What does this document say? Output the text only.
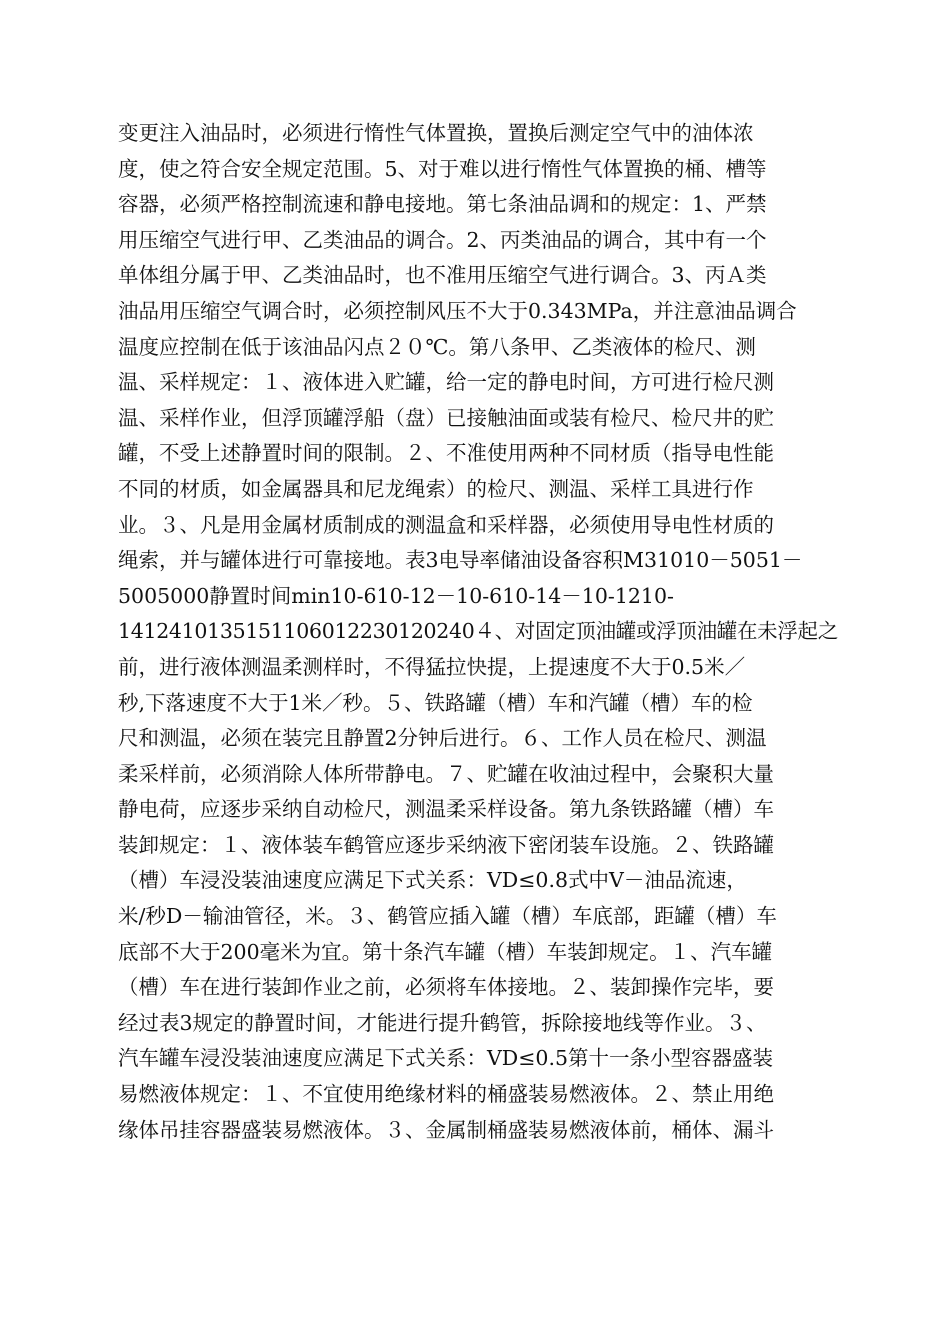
变更注入油品时，必须进行惰性气体置换，置换后测定空气中的油体浓
度，使之符合安全规定范围。5、对于难以进行惰性气体置换的桶、槽等
容器，必须严格控制流速和静电接地。第七条油品调和的规定：1、严禁
用压缩空气进行甲、乙类油品的调合。2、丙类油品的调合，其中有一个
单体组分属于甲、乙类油品时，也不准用压缩空气进行调合。3、丙Ａ类
油品用压缩空气调合时，必须控制风压不大于0.343MPa，并注意油品调合
温度应控制在低于该油品闪点２０℃。第八条甲、乙类液体的检尺、测
温、采样规定：１、液体进入贮罐，给一定的静电时间，方可进行检尺测
温、采样作业，但浮顶罐浮船（盘）已接触油面或装有检尺、检尺井的贮
罐，不受上述静置时间的限制。２、不准使用两种不同材质（指导电性能
不同的材质，如金属器具和尼龙绳索）的检尺、测温、采样工具进行作
业。３、凡是用金属材质制成的测温盒和采样器，必须使用导电性材质的
绳索，并与罐体进行可靠接地。表3电导率储油设备容积M31010－5051－
5005000静置时间min10-610-12－10-610-14－10-1210-
1412410135151106012230120240４、对固定顶油罐或浮顶油罐在未浮起之
前，进行液体测温柔测样时，不得猛拉快提，上提速度不大于0.5米／
秒,下落速度不大于1米／秒。５、铁路罐（槽）车和汽罐（槽）车的检
尺和测温，必须在装完且静置2分钟后进行。６、工作人员在检尺、测温
柔采样前，必须消除人体所带静电。７、贮罐在收油过程中，会聚积大量
静电荷，应逐步采纳自动检尺，测温柔采样设备。第九条铁路罐（槽）车
装卸规定：１、液体装车鹤管应逐步采纳液下密闭装车设施。２、铁路罐
（槽）车浸没装油速度应满足下式关系：VD≤0.8式中V－油品流速，
米/秒D－输油管径，米。３、鹤管应插入罐（槽）车底部，距罐（槽）车
底部不大于200毫米为宜。第十条汽车罐（槽）车装卸规定。１、汽车罐
（槽）车在进行装卸作业之前，必须将车体接地。２、装卸操作完毕，要
经过表3规定的静置时间，才能进行提升鹤管，拆除接地线等作业。３、
汽车罐车浸没装油速度应满足下式关系：VD≤0.5第十一条小型容器盛装
易燃液体规定：１、不宜使用绝缘材料的桶盛装易燃液体。２、禁止用绝
缘体吊挂容器盛装易燃液体。３、金属制桶盛装易燃液体前，桶体、漏斗
